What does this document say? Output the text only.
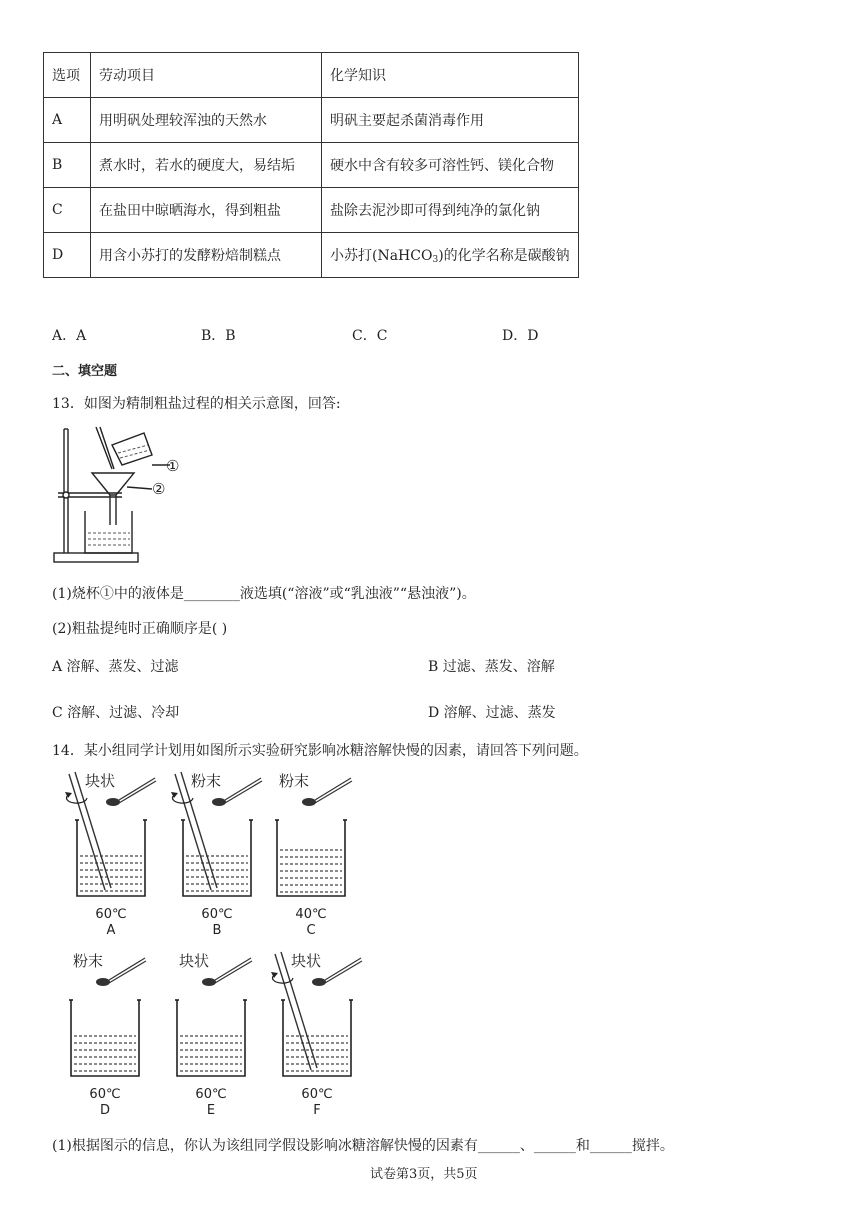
选项	劳动项目	化学知识
A	用明矾处理较浑浊的天然水	明矾主要起杀菌消毒作用
B	煮水时，若水的硬度大，易结垢	硬水中含有较多可溶性钙、镁化合物
C	在盐田中晾晒海水，得到粗盐	盐除去泥沙即可得到纯净的氯化钠
D	用含小苏打的发酵粉焙制糕点	小苏打(NaHCO$_3$)的化学名称是碳酸钠
A．A	B．B	C．C	D．D
二、填空题
13．如图为精制粗盐过程的相关示意图，回答:
①
②
(1)烧杯①中的液体是________液选填(“溶液”或“乳浊液”“悬浊液”)。
(2)粗盐提纯时正确顺序是( )
A 溶解、蒸发、过滤	B 过滤、蒸发、溶解
C 溶解、过滤、冷却	D 溶解、过滤、蒸发
14．某小组同学计划用如图所示实验研究影响冰糖溶解快慢的因素，请回答下列问题。
块状
60℃
A
粉末
60℃
B
粉末
40℃
C
粉末
60℃
D
块状
60℃
E
块状
60℃
F
(1)根据图示的信息，你认为该组同学假设影响冰糖溶解快慢的因素有______、______和______搅拌。
试卷第3页，共5页
